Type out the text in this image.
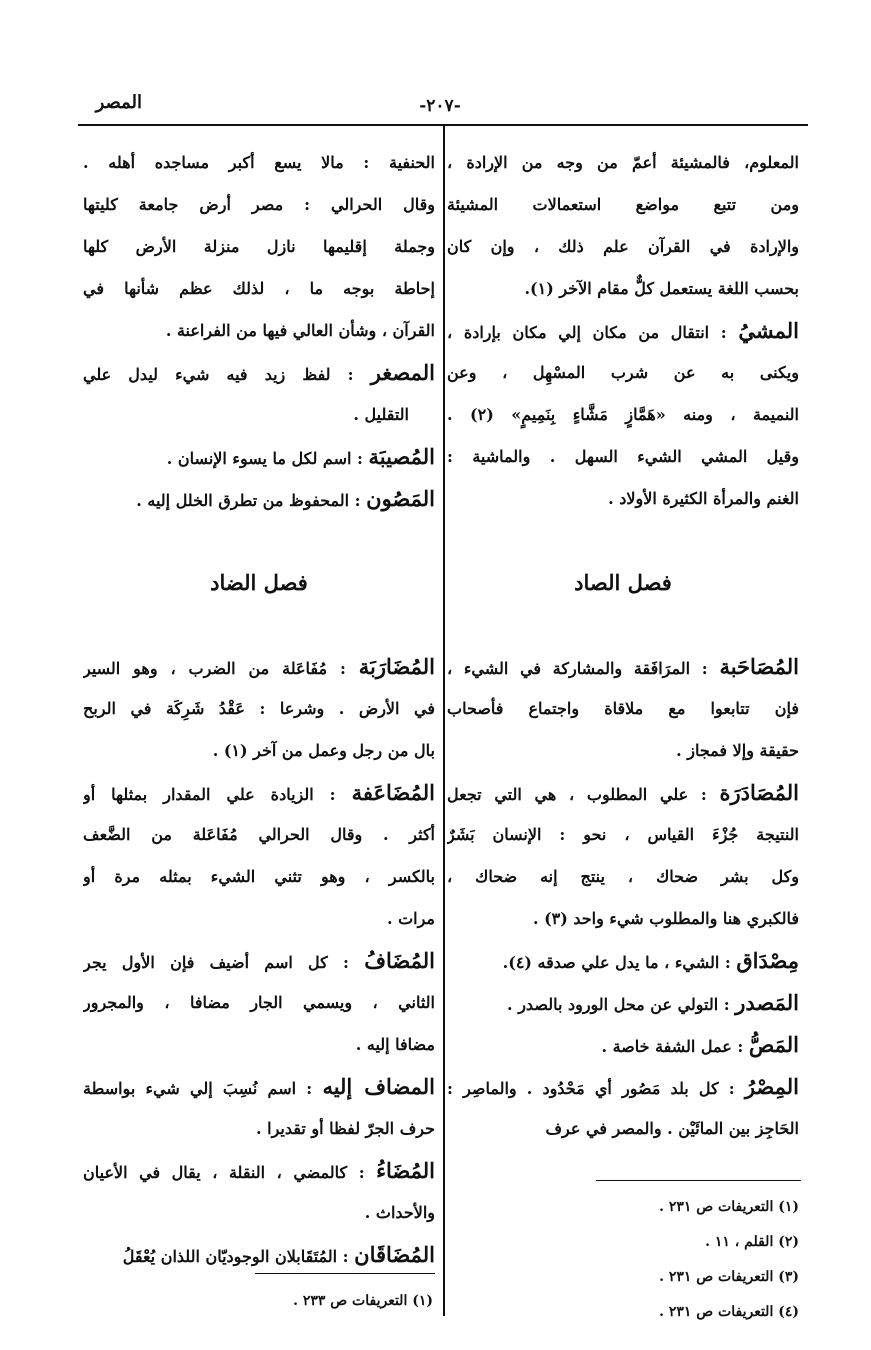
المصر	-٢٠٧-
المعلوم، فالمشيئة أعمّ من وجه من الإرادة ،
ومن تتبع مواضع استعمالات المشيئة
والإرادة في القرآن علم ذلك ، وإن كان
بحسب اللغة يستعمل كلٌّ مقام الآخر (١).
المشيُ : انتقال من مكان إلي مكان بإرادة ،
ويكنى به عن شرب المسْهِل ، وعن
النميمة ، ومنه «هَمَّازٍ مَشَّاءٍ بِنَمِيمٍ» (٢) .
وقيل المشي الشيء السهل . والماشية :
الغنم والمرأة الكثيرة الأولاد .
فصل الصاد
المُصَاحَبة : المرَافَقة والمشاركة في الشيء ،
فإن تتابعوا مع ملاقاة واجتماع فأصحاب
حقيقة وإلا فمجاز .
المُصَادَرَة : علي المطلوب ، هي التي تجعل
النتيجة جُزْءَ القياس ، نحو : الإنسان بَشَرٌ
وكل بشر ضحاك ، ينتج إنه ضحاك ،
فالكبري هنا والمطلوب شيء واحد (٣) .
مِصْدَاق : الشيء ، ما يدل علي صدقه (٤).
المَصدر : التولي عن محل الورود بالصدر .
المَصُّ : عمل الشفة خاصة .
المِصْرُ : كل بلد مَصُور أي مَحْدُود . والماصِر :
الحَاجِز بين المائَيْن . والمصر في عرف
الحنفية : مالا يسع أكبر مساجده أهله .
وقال الحرالي : مصر أرض جامعة كليتها
وجملة إقليمها نازل منزلة الأرض كلها
إحاطة بوجه ما ، لذلك عظم شأنها في
القرآن ، وشأن العالي فيها من الفراعنة .
المصغر : لفظ زيد فيه شيء ليدل علي
التقليل .
المُصيبَة : اسم لكل ما يسوء الإنسان .
المَصُون : المحفوظ من تطرق الخلل إليه .
فصل الضاد
المُضَارَبَة : مُفَاعَلة من الضرب ، وهو السير
في الأرض . وشرعا : عَقْدُ شَرِكَة في الربح
بال من رجل وعمل من آخر (١) .
المُضَاعَفة : الزيادة علي المقدار بمثلها أو
أكثر . وقال الحرالي مُفَاعَلة من الضَّعف
بالكسر ، وهو تثني الشيء بمثله مرة أو
مرات .
المُضَافُ : كل اسم أضيف فإن الأول يجر
الثاني ، ويسمي الجار مضافا ، والمجرور
مضافا إليه .
المضاف إليه : اسم نُسِبَ إلي شيء بواسطة
حرف الجرّ لفظا أو تقديرا .
المُضَاءُ : كالمضي ، النقلة ، يقال في الأعيان
والأحداث .
المُضَاقَان : المُتَقَابلان الوجوديّان اللذان يُعْقَلُ
(١) التعريفات ص ٢٣١ .
(٢) القلم ، ١١ .
(٣) التعريفات ص ٢٣١ .
(٤) التعريفات ص ٢٣١ .
(١) التعريفات ص ٢٣٣ .
